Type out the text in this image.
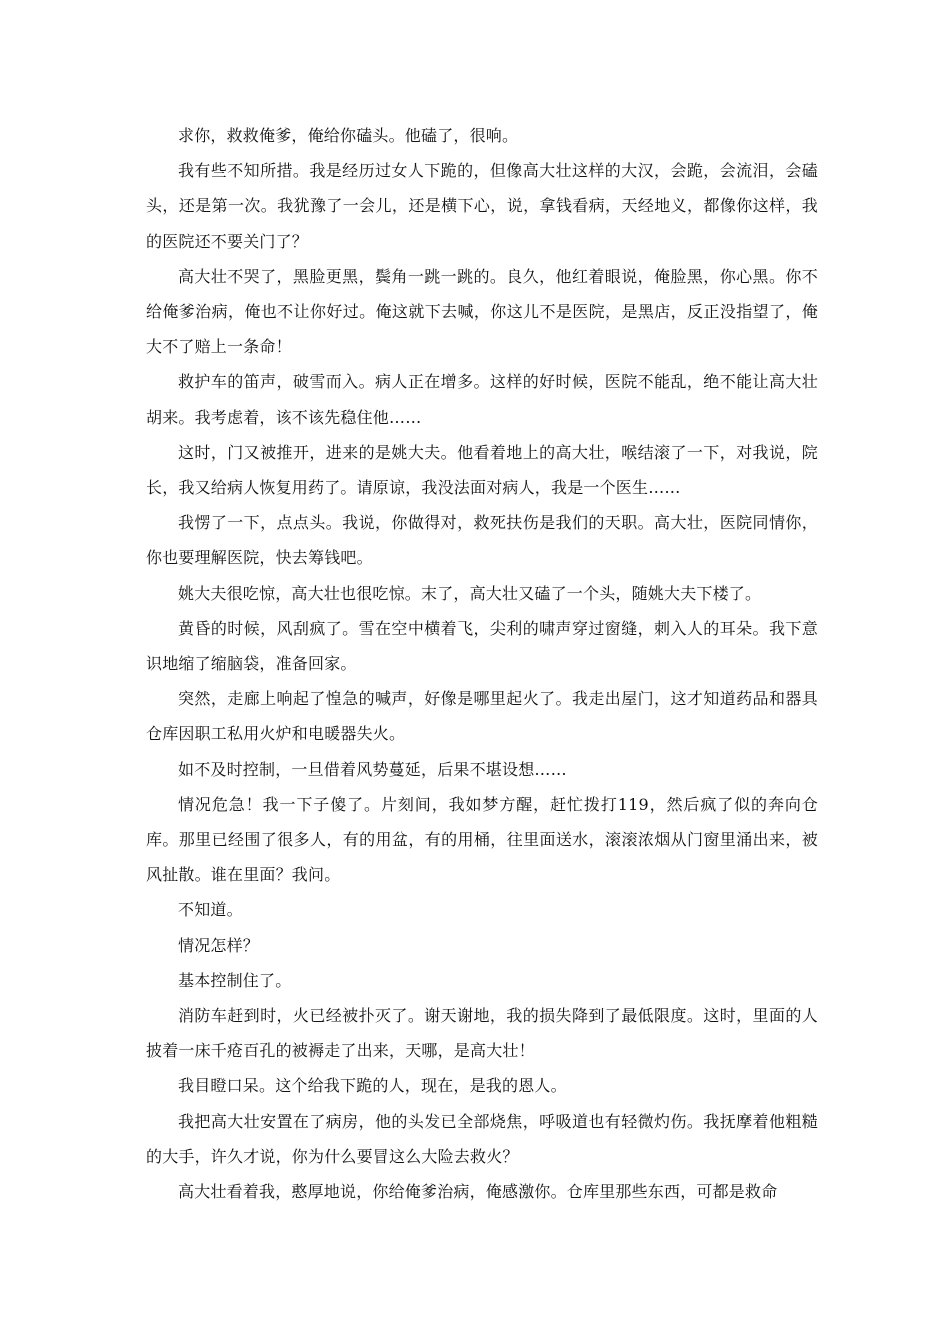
求你，救救俺爹，俺给你磕头。他磕了，很响。

我有些不知所措。我是经历过女人下跪的，但像高大壮这样的大汉，会跪，会流泪，会磕头，还是第一次。我犹豫了一会儿，还是横下心，说，拿钱看病，天经地义，都像你这样，我的医院还不要关门了？

高大壮不哭了，黑脸更黑，鬓角一跳一跳的。良久，他红着眼说，俺脸黑，你心黑。你不给俺爹治病，俺也不让你好过。俺这就下去喊，你这儿不是医院，是黑店，反正没指望了，俺大不了赔上一条命！

救护车的笛声，破雪而入。病人正在增多。这样的好时候，医院不能乱，绝不能让高大壮胡来。我考虑着，该不该先稳住他……

这时，门又被推开，进来的是姚大夫。他看着地上的高大壮，喉结滚了一下，对我说，院长，我又给病人恢复用药了。请原谅，我没法面对病人，我是一个医生……

我愣了一下，点点头。我说，你做得对，救死扶伤是我们的天职。高大壮，医院同情你，你也要理解医院，快去筹钱吧。

姚大夫很吃惊，高大壮也很吃惊。末了，高大壮又磕了一个头，随姚大夫下楼了。

黄昏的时候，风刮疯了。雪在空中横着飞，尖利的啸声穿过窗缝，刺入人的耳朵。我下意识地缩了缩脑袋，准备回家。

突然，走廊上响起了惶急的喊声，好像是哪里起火了。我走出屋门，这才知道药品和器具仓库因职工私用火炉和电暖器失火。

如不及时控制，一旦借着风势蔓延，后果不堪设想……

情况危急！我一下子傻了。片刻间，我如梦方醒，赶忙拨打119，然后疯了似的奔向仓库。那里已经围了很多人，有的用盆，有的用桶，往里面送水，滚滚浓烟从门窗里涌出来，被风扯散。谁在里面？我问。

不知道。

情况怎样？

基本控制住了。

消防车赶到时，火已经被扑灭了。谢天谢地，我的损失降到了最低限度。这时，里面的人披着一床千疮百孔的被褥走了出来，天哪，是高大壮！

我目瞪口呆。这个给我下跪的人，现在，是我的恩人。

我把高大壮安置在了病房，他的头发已全部烧焦，呼吸道也有轻微灼伤。我抚摩着他粗糙的大手，许久才说，你为什么要冒这么大险去救火？

高大壮看着我，憨厚地说，你给俺爹治病，俺感激你。仓库里那些东西，可都是救命
